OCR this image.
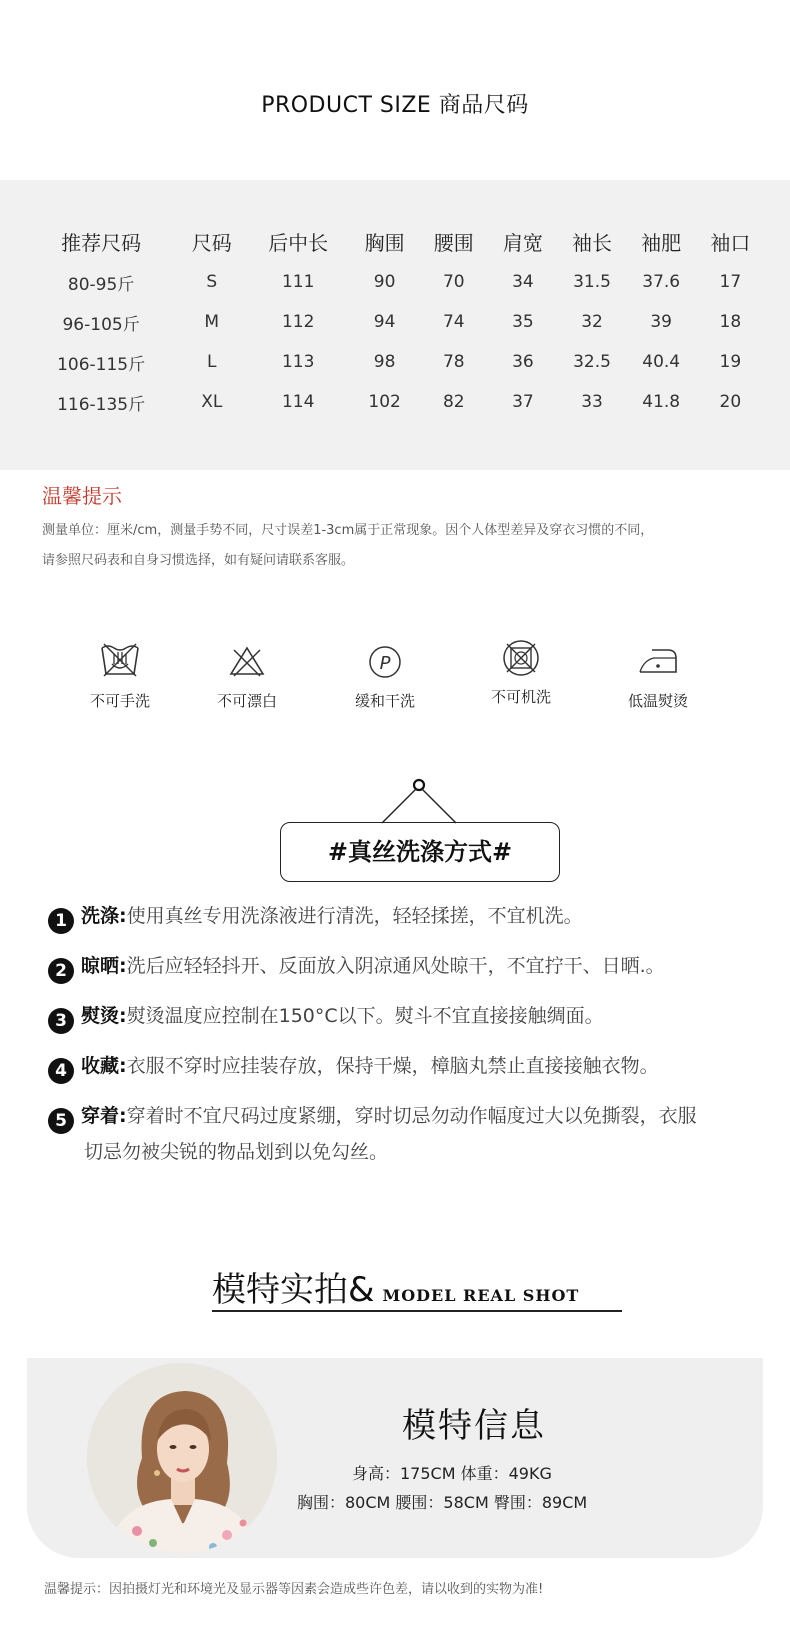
PRODUCT SIZE 商品尺码
推荐尺码	尺码	后中长	胸围	腰围	肩宽	袖长	袖肥	袖口
80-95斤	S	111	90	70	34	31.5	37.6	17
96-105斤	M	112	94	74	35	32	39	18
106-115斤	L	113	98	78	36	32.5	40.4	19
116-135斤	XL	114	102	82	37	33	41.8	20
温馨提示
测量单位：厘米/cm，测量手势不同，尺寸误差1-3cm属于正常现象。因个人体型差异及穿衣习惯的不同，
请参照尺码表和自身习惯选择，如有疑问请联系客服。
不可手洗	不可漂白
P
缓和干洗	不可机洗	低温熨烫
#真丝洗涤方式#
1 洗涤:使用真丝专用洗涤液进行清洗，轻轻揉搓，不宜机洗。
2 晾晒:洗后应轻轻抖开、反面放入阴凉通风处晾干，不宜拧干、日晒.。
3 熨烫:熨烫温度应控制在150°C以下。熨斗不宜直接接触绸面。
4 收藏:衣服不穿时应挂装存放，保持干燥，樟脑丸禁止直接接触衣物。
5 穿着:穿着时不宜尺码过度紧绷，穿时切忌勿动作幅度过大以免撕裂，衣服
切忌勿被尖锐的物品划到以免勾丝。
模特实拍& MODEL REAL SHOT
模特信息
身高：175CM 体重：49KG
胸围：80CM 腰围：58CM 臀围：89CM
温馨提示：因拍摄灯光和环境光及显示器等因素会造成些许色差，请以收到的实物为准!
